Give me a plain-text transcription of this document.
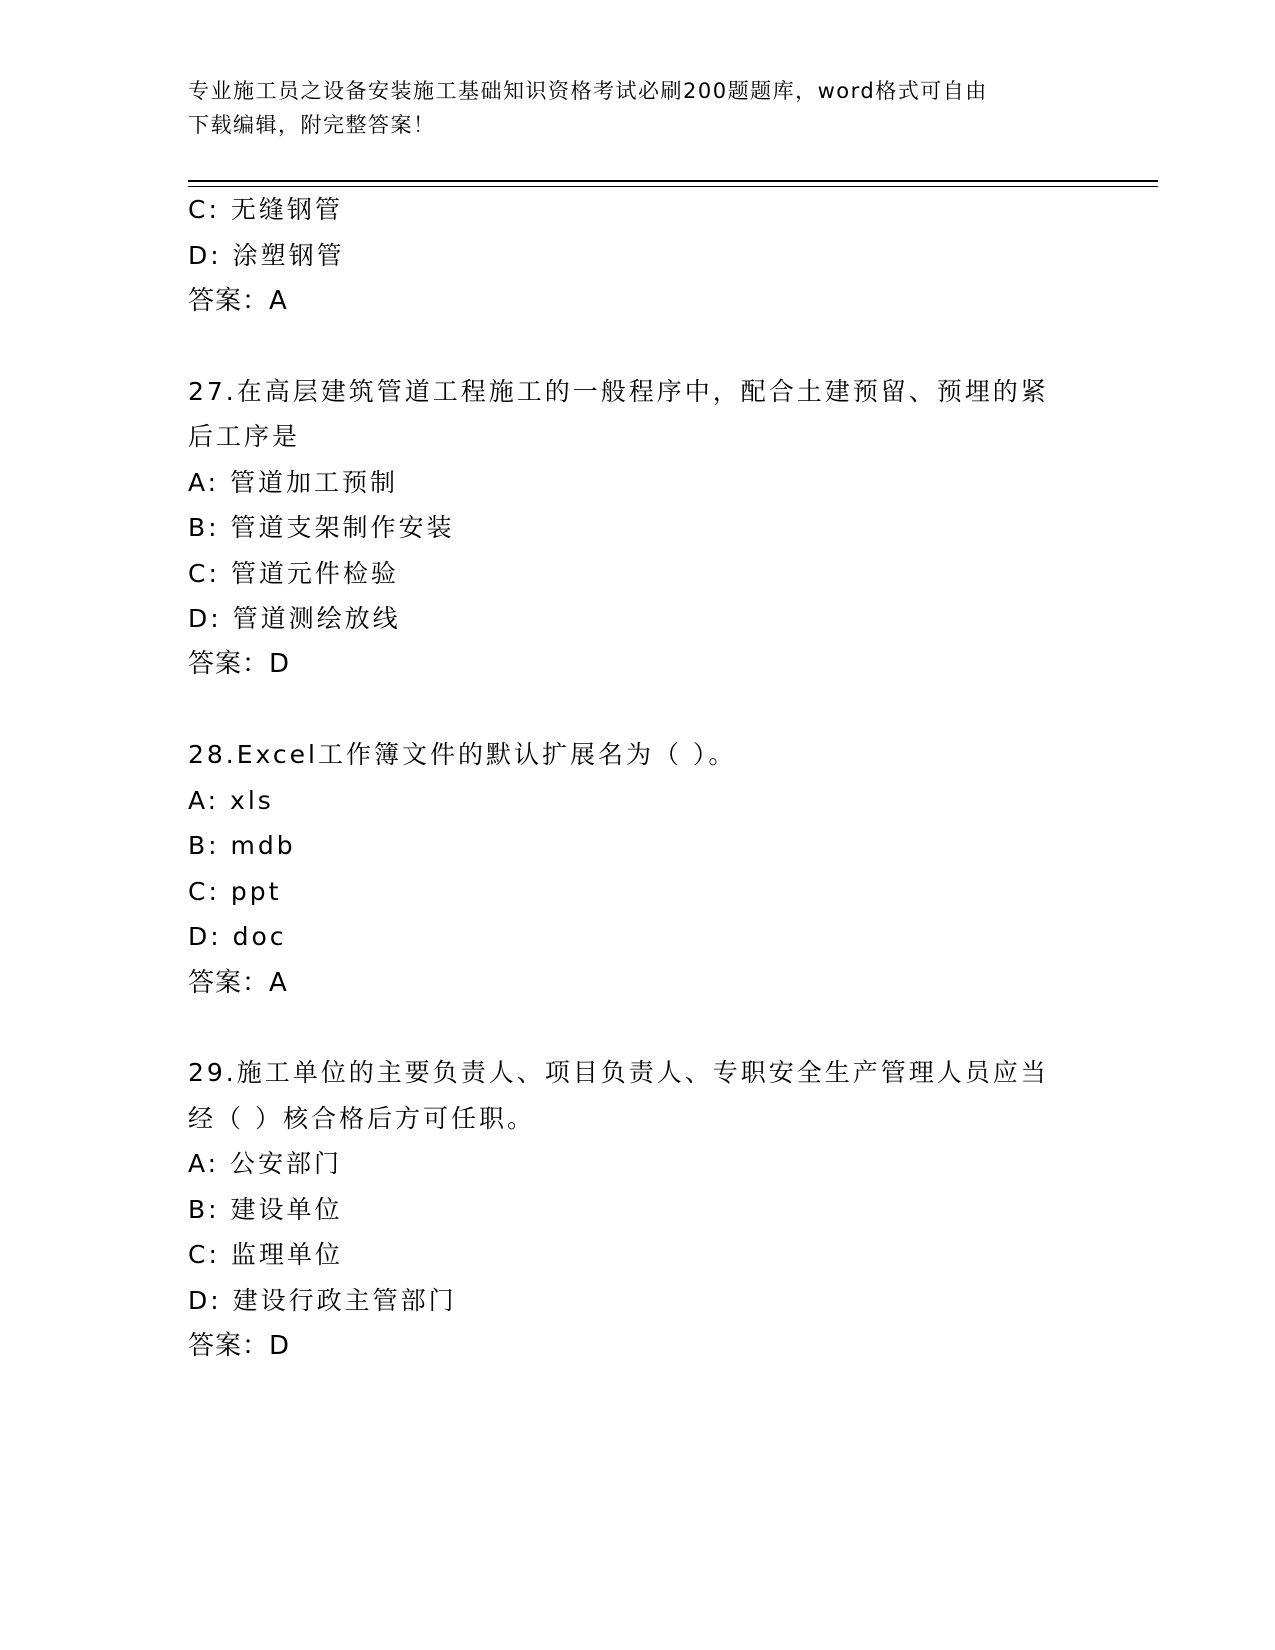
专业施工员之设备安装施工基础知识资格考试必刷200题题库，word格式可自由
下载编辑，附完整答案！
C: 无缝钢管
D: 涂塑钢管
答案：A
27.在高层建筑管道工程施工的一般程序中，配合土建预留、预埋的紧
后工序是
A: 管道加工预制
B: 管道支架制作安装
C: 管道元件检验
D: 管道测绘放线
答案：D
28.Excel工作簿文件的默认扩展名为（ ）。
A: xls
B: mdb
C: ppt
D: doc
答案：A
29.施工单位的主要负责人、项目负责人、专职安全生产管理人员应当
经（ ）核合格后方可任职。
A: 公安部门
B: 建设单位
C: 监理单位
D: 建设行政主管部门
答案：D
